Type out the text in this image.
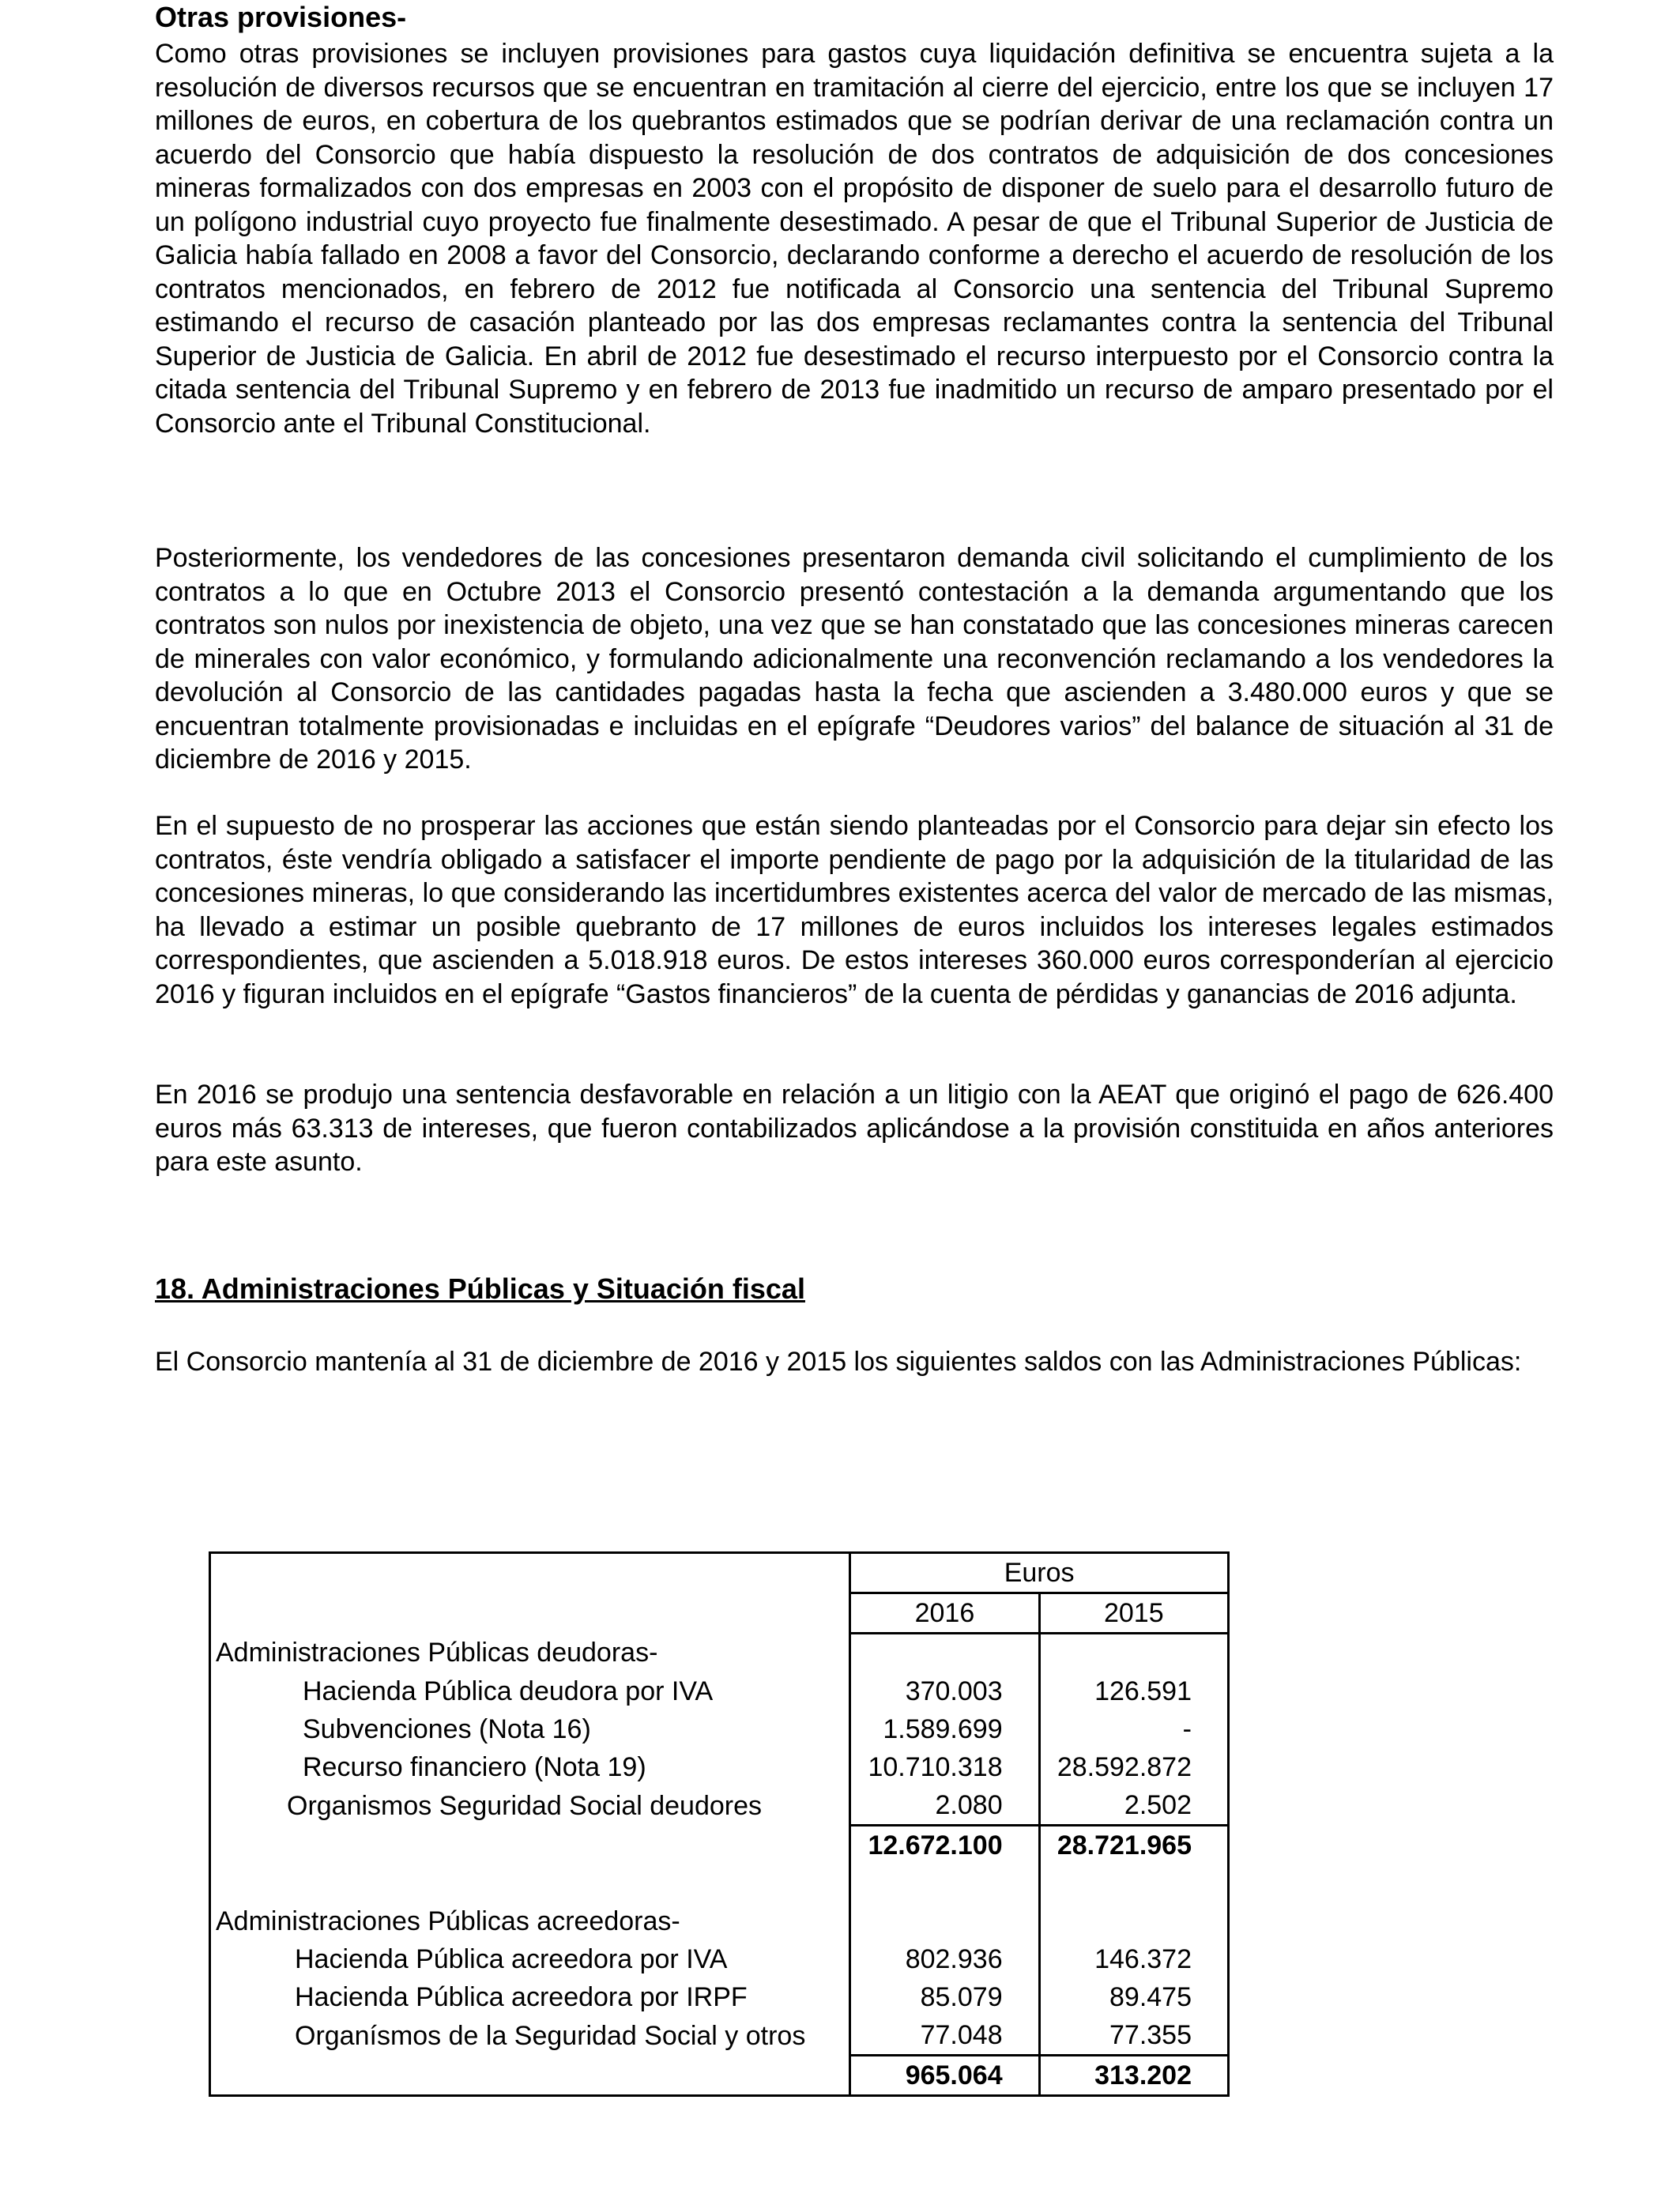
Otras provisiones-
Como otras provisiones se incluyen provisiones para gastos cuya liquidación definitiva se encuentra sujeta a la resolución de diversos recursos que se encuentran en tramitación al cierre del ejercicio, entre los que se incluyen 17 millones de euros, en cobertura de los quebrantos estimados que se podrían derivar de una reclamación contra un acuerdo del Consorcio que había dispuesto la resolución de dos contratos de adquisición de dos concesiones mineras formalizados con dos empresas en 2003 con el propósito de disponer de suelo para el desarrollo futuro de un polígono industrial cuyo proyecto fue finalmente desestimado. A pesar de que el Tribunal Superior de Justicia de Galicia había fallado en 2008 a favor del Consorcio, declarando conforme a derecho el acuerdo de resolución de los contratos mencionados, en febrero de 2012 fue notificada al Consorcio una sentencia del Tribunal Supremo estimando el recurso de casación planteado por las dos empresas reclamantes contra la sentencia del Tribunal Superior de Justicia de Galicia. En abril de 2012 fue desestimado el recurso interpuesto por el Consorcio contra la citada sentencia del Tribunal Supremo y en febrero de 2013 fue inadmitido un recurso de amparo presentado por el Consorcio ante el Tribunal Constitucional.
Posteriormente, los vendedores de las concesiones presentaron demanda civil solicitando el cumplimiento de los contratos a lo que en Octubre 2013 el Consorcio presentó contestación a la demanda argumentando que los contratos son nulos por inexistencia de objeto, una vez que se han constatado que las concesiones mineras carecen de minerales con valor económico, y formulando adicionalmente una reconvención reclamando a los vendedores la devolución al Consorcio de las cantidades pagadas hasta la fecha que ascienden a 3.480.000 euros y que se encuentran totalmente provisionadas e incluidas en el epígrafe “Deudores varios” del balance de situación al 31 de diciembre de 2016 y 2015.
En el supuesto de no prosperar las acciones que están siendo planteadas por el Consorcio para dejar sin efecto los contratos, éste vendría obligado a satisfacer el importe pendiente de pago por la adquisición de la titularidad de las concesiones mineras, lo que considerando las incertidumbres existentes acerca del valor de mercado de las mismas, ha llevado a estimar un posible quebranto de 17 millones de euros incluidos los intereses legales estimados correspondientes, que ascienden a 5.018.918 euros. De estos intereses 360.000 euros corresponderían al ejercicio 2016 y figuran incluidos en el epígrafe “Gastos financieros” de la cuenta de pérdidas y ganancias de 2016 adjunta.
En 2016 se produjo una sentencia desfavorable en relación a un litigio con la AEAT que originó el pago de 626.400 euros más 63.313 de intereses, que fueron contabilizados aplicándose a la provisión constituida en años anteriores para este asunto.
18. Administraciones Públicas y Situación fiscal
El Consorcio mantenía al 31 de diciembre de 2016 y 2015 los siguientes saldos con las Administraciones Públicas:
	Euros	
	2016	2015
Administraciones Públicas deudoras-		
Hacienda Pública deudora por IVA	370.003	126.591
Subvenciones (Nota 16)	1.589.699	-
Recurso financiero (Nota 19)	10.710.318	28.592.872
Organismos Seguridad Social deudores	2.080	2.502
	12.672.100	28.721.965

Administraciones Públicas acreedoras-		
Hacienda Pública acreedora por IVA	802.936	146.372
Hacienda Pública acreedora por IRPF	85.079	89.475
Organísmos de la Seguridad Social y otros	77.048	77.355
	965.064	313.202
